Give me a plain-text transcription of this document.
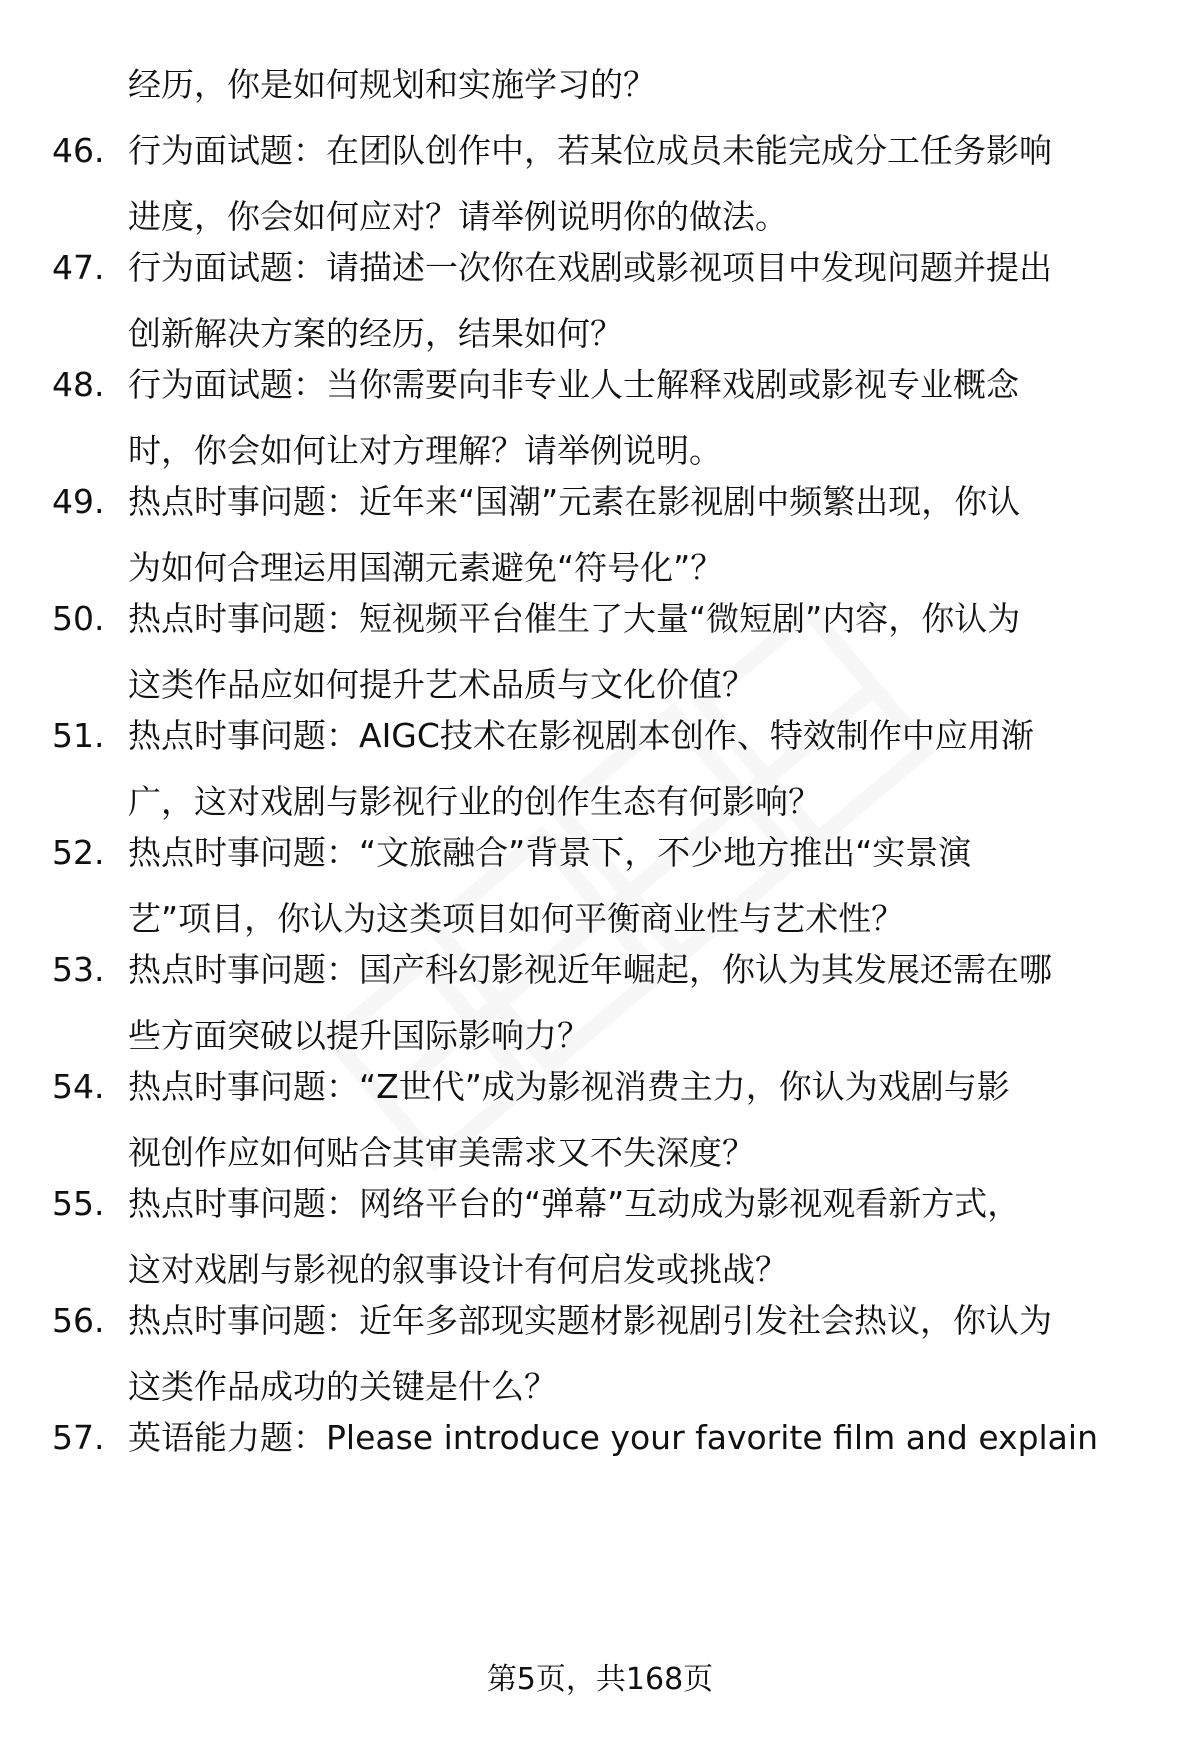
经历，你是如何规划和实施学习的？
46. 行为面试题：在团队创作中，若某位成员未能完成分工任务影响
进度，你会如何应对？请举例说明你的做法。
47. 行为面试题：请描述一次你在戏剧或影视项目中发现问题并提出
创新解决方案的经历，结果如何？
48. 行为面试题：当你需要向非专业人士解释戏剧或影视专业概念
时，你会如何让对方理解？请举例说明。
49. 热点时事问题：近年来“国潮”元素在影视剧中频繁出现，你认
为如何合理运用国潮元素避免“符号化”？
50. 热点时事问题：短视频平台催生了大量“微短剧”内容，你认为
这类作品应如何提升艺术品质与文化价值？
51. 热点时事问题：AIGC技术在影视剧本创作、特效制作中应用渐
广，这对戏剧与影视行业的创作生态有何影响？
52. 热点时事问题：“文旅融合”背景下，不少地方推出“实景演
艺”项目，你认为这类项目如何平衡商业性与艺术性？
53. 热点时事问题：国产科幻影视近年崛起，你认为其发展还需在哪
些方面突破以提升国际影响力？
54. 热点时事问题：“Z世代”成为影视消费主力，你认为戏剧与影
视创作应如何贴合其审美需求又不失深度？
55. 热点时事问题：网络平台的“弹幕”互动成为影视观看新方式，
这对戏剧与影视的叙事设计有何启发或挑战？
56. 热点时事问题：近年多部现实题材影视剧引发社会热议，你认为
这类作品成功的关键是什么？
57. 英语能力题：Please introduce your favorite film and explain
第5页，共168页
